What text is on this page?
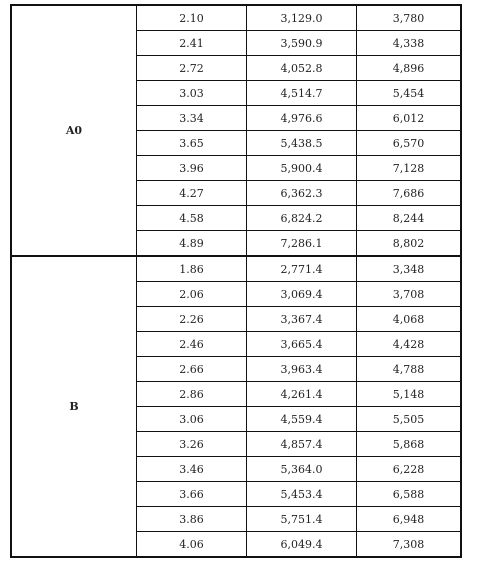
A0	2.10	3,129.0	3,780
	2.41	3,590.9	4,338
	2.72	4,052.8	4,896
	3.03	4,514.7	5,454
	3.34	4,976.6	6,012
	3.65	5,438.5	6,570
	3.96	5,900.4	7,128
	4.27	6,362.3	7,686
	4.58	6,824.2	8,244
	4.89	7,286.1	8,802
B	1.86	2,771.4	3,348
	2.06	3,069.4	3,708
	2.26	3,367.4	4,068
	2.46	3,665.4	4,428
	2.66	3,963.4	4,788
	2.86	4,261.4	5,148
	3.06	4,559.4	5,505
	3.26	4,857.4	5,868
	3.46	5,364.0	6,228
	3.66	5,453.4	6,588
	3.86	5,751.4	6,948
	4.06	6,049.4	7,308
